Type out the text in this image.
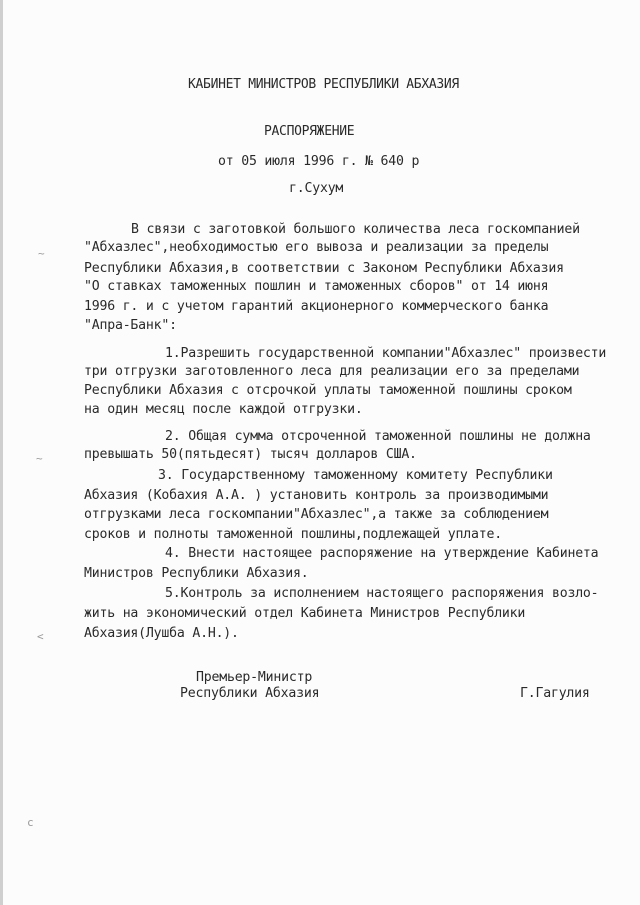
КАБИНЕТ МИНИСТРОВ РЕСПУБЛИКИ АБХАЗИЯ
РАСПОРЯЖЕНИЕ
от 05 июля 1996 г. № 640 р
г.Сухум
В связи с заготовкой большого количества леса госкомпанией
"Абхазлес",необходимостью его вывоза и реализации за пределы
Республики Абхазия,в соответствии с Законом Республики Абхазия
"О ставках таможенных пошлин и таможенных сборов" от 14 июня
1996 г. и с учетом гарантий акционерного коммерческого банка
"Апра-Банк":
1.Разрешить государственной компании"Абхазлес" произвести
три отгрузки заготовленного леса для реализации его за пределами
Республики Абхазия с отсрочкой уплаты таможенной пошлины сроком
на один месяц после каждой отгрузки.
2. Общая сумма отсроченной таможенной пошлины не должна
превышать 50(пятьдесят) тысяч долларов США.
3. Государственному таможенному комитету Республики
Абхазия (Кобахия А.А. ) установить контроль за производимыми
отгрузками леса госкомпании"Абхазлес",а также за соблюдением
сроков и полноты таможенной пошлины,подлежащей уплате.
4. Внести настоящее распоряжение на утверждение Кабинета
Министров Республики Абхазия.
5.Контроль за исполнением настоящего распоряжения возло-
жить на экономический отдел Кабинета Министров Республики
Абхазия(Лушба А.Н.).
Премьер-Министр
Республики Абхазия	Г.Гагулия
~
~
<
c
